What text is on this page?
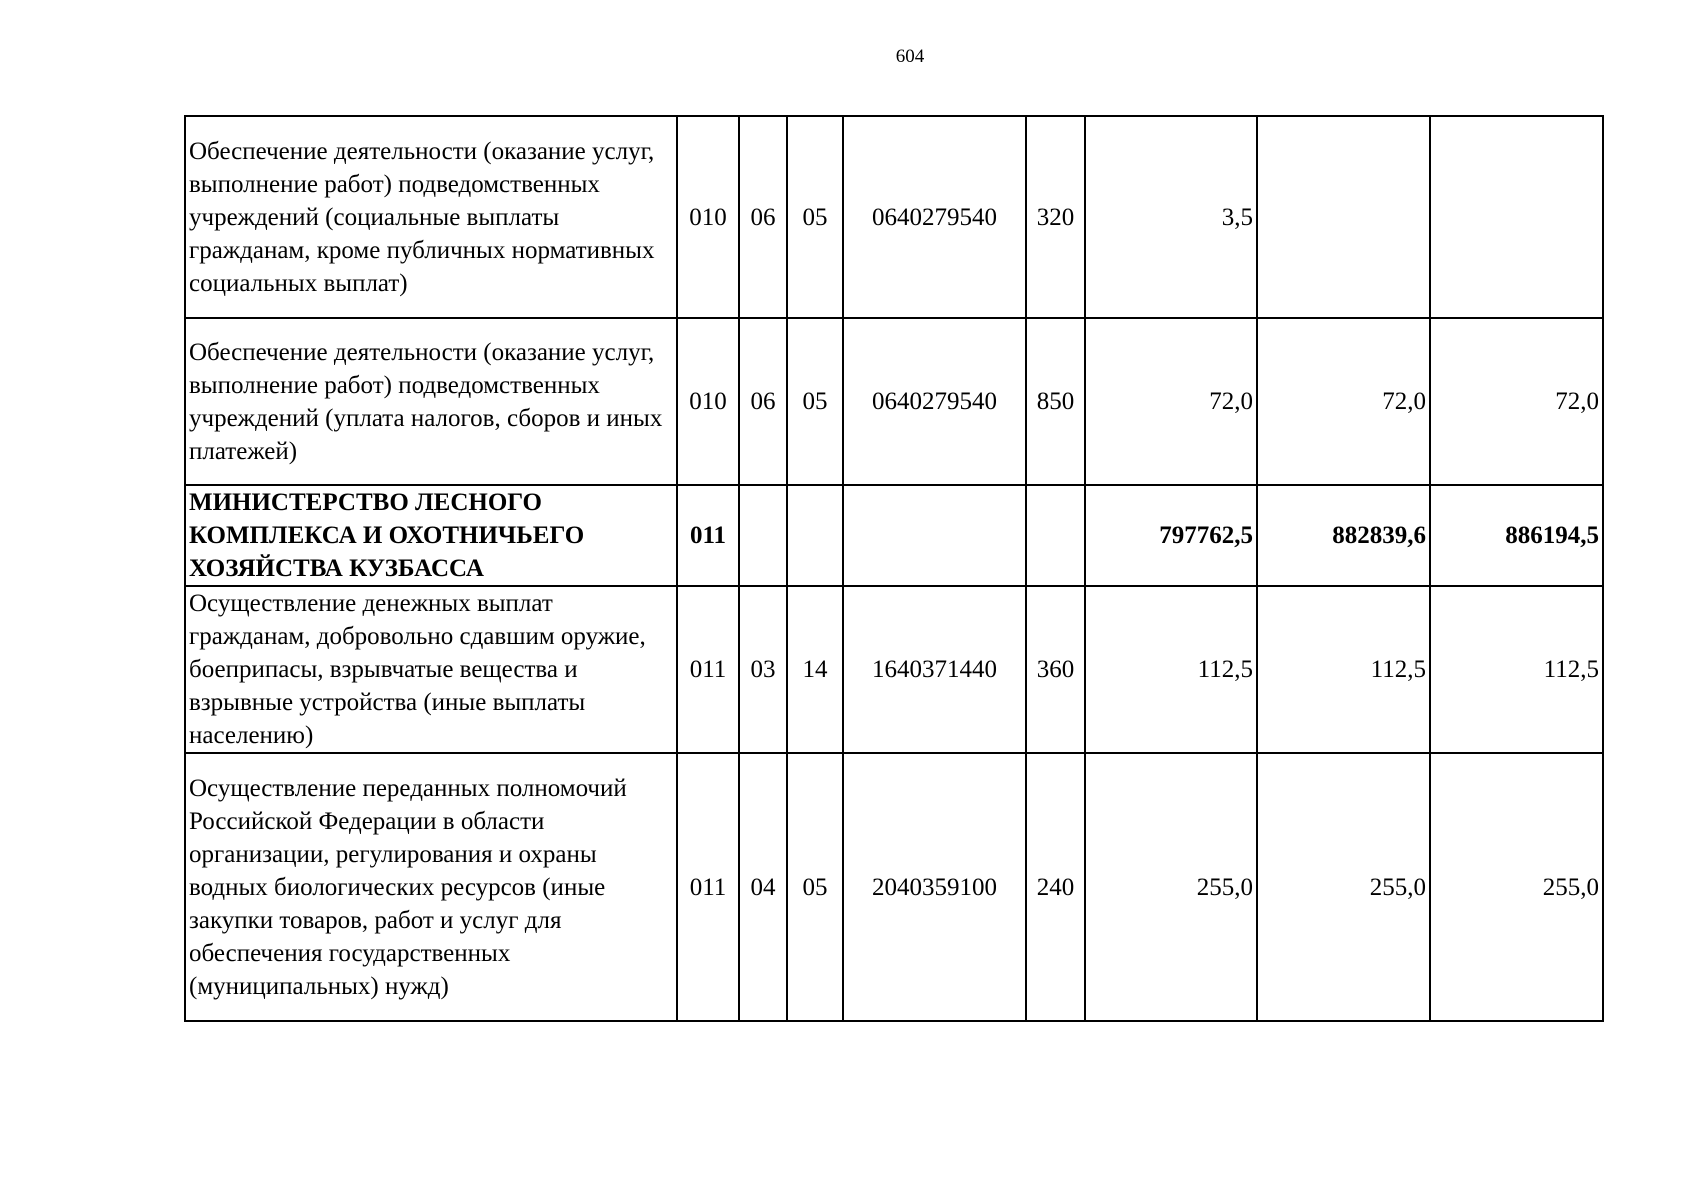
604
Обеспечение деятельности (оказание услуг, выполнение работ) подведомственных учреждений (социальные выплаты гражданам, кроме публичных нормативных социальных выплат)	010	06	05	0640279540	320	3,5		
Обеспечение деятельности (оказание услуг, выполнение работ) подведомственных учреждений (уплата налогов, сборов и иных платежей)	010	06	05	0640279540	850	72,0	72,0	72,0
МИНИСТЕРСТВО ЛЕСНОГО КОМПЛЕКСА И ОХОТНИЧЬЕГО ХОЗЯЙСТВА КУЗБАССА	011					797762,5	882839,6	886194,5
Осуществление денежных выплат гражданам, добровольно сдавшим оружие, боеприпасы, взрывчатые вещества и взрывные устройства (иные выплаты населению)	011	03	14	1640371440	360	112,5	112,5	112,5
Осуществление переданных полномочий Российской Федерации в области организации, регулирования и охраны водных биологических ресурсов (иные закупки товаров, работ и услуг для обеспечения государственных (муниципальных) нужд)	011	04	05	2040359100	240	255,0	255,0	255,0
